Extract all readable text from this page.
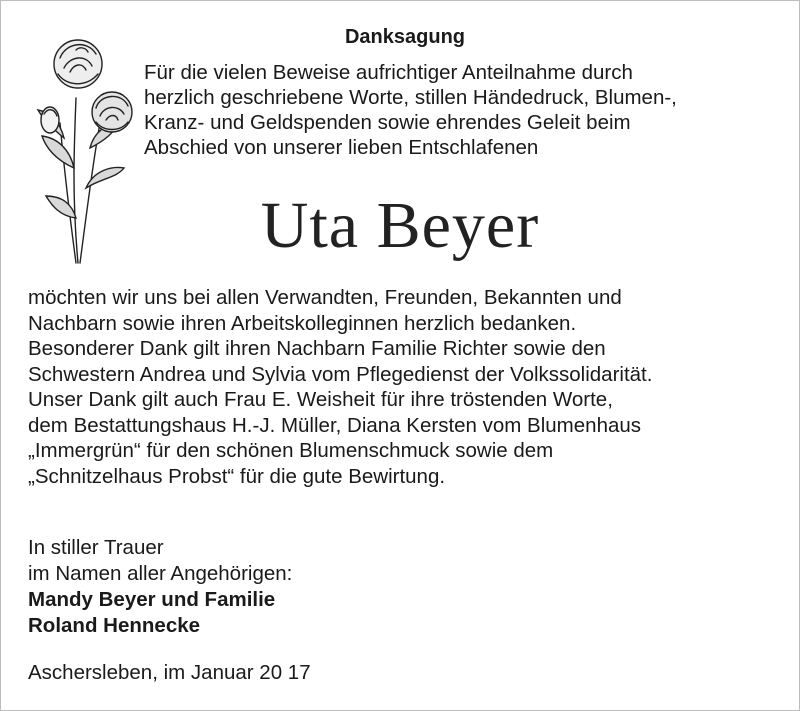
Danksagung
Für die vielen Beweise aufrichtiger Anteilnahme durch
herzlich geschriebene Worte, stillen Händedruck, Blumen-,
Kranz- und Geldspenden sowie ehrendes Geleit beim
Abschied von unserer lieben Entschlafenen
Uta Beyer
möchten wir uns bei allen Verwandten, Freunden, Bekannten und
Nachbarn sowie ihren Arbeitskolleginnen herzlich bedanken.
Besonderer Dank gilt ihren Nachbarn Familie Richter sowie den
Schwestern Andrea und Sylvia vom Pflegedienst der Volkssolidarität.
Unser Dank gilt auch Frau E. Weisheit für ihre tröstenden Worte,
dem Bestattungshaus H.-J. Müller, Diana Kersten vom Blumenhaus
„Immergrün“ für den schönen Blumenschmuck sowie dem
„Schnitzelhaus Probst“ für die gute Bewirtung.
In stiller Trauer
im Namen aller Angehörigen:
Mandy Beyer und Familie
Roland Hennecke
Aschersleben, im Januar 20 17
